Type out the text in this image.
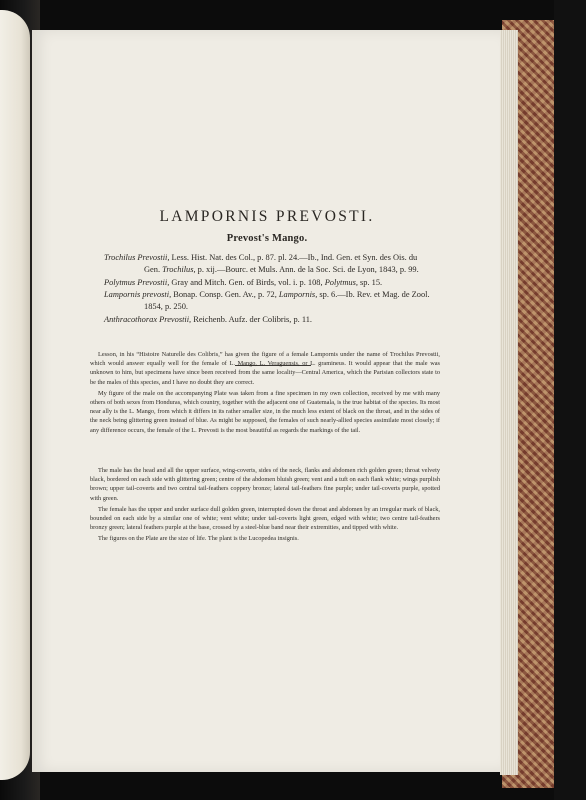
LAMPORNIS PREVOSTI.
Prevost's Mango.
Trochilus Prevostii, Less. Hist. Nat. des Col., p. 87. pl. 24.—Ib., Ind. Gen. et Syn. des Ois. du
Gen. Trochilus, p. xij.—Bourc. et Muls. Ann. de la Soc. Sci. de Lyon, 1843, p. 99.
Polytmus Prevostii, Gray and Mitch. Gen. of Birds, vol. i. p. 108, Polytmus, sp. 15.
Lampornis prevosti, Bonap. Consp. Gen. Av., p. 72, Lampornis, sp. 6.—Ib. Rev. et Mag. de Zool.
1854, p. 250.
Anthracothorax Prevostii, Reichenb. Aufz. der Colibris, p. 11.

Lesson, in his “Histoire Naturelle des Colibris,” has given the figure of a female Lampornis under the name of Trochilus Prevostii, which would answer equally well for the female of L. Mango, L. Veraguensis, or L. gramineus. It would appear that the male was unknown to him, but specimens have since been received from the same locality—Central America, which the Parisian collectors state to be the males of this species, and I have no doubt they are correct.

My figure of the male on the accompanying Plate was taken from a fine specimen in my own collection, received by me with many others of both sexes from Honduras, which country, together with the adjacent one of Guatemala, is the true habitat of the species. Its most near ally is the L. Mango, from which it differs in its rather smaller size, in the much less extent of black on the throat, and in the sides of the neck being glittering green instead of blue. As might be supposed, the females of such nearly-allied species assimilate most closely; if any difference occurs, the female of the L. Prevosti is the most beautiful as regards the markings of the tail.

The male has the head and all the upper surface, wing-coverts, sides of the neck, flanks and abdomen rich golden green; throat velvety black, bordered on each side with glittering green; centre of the abdomen bluish green; vent and a tuft on each flank white; wings purplish brown; upper tail-coverts and two central tail-feathers coppery bronze; lateral tail-feathers fine purple; under tail-coverts purple, spotted with green.

The female has the upper and under surface dull golden green, interrupted down the throat and abdomen by an irregular mark of black, bounded on each side by a similar one of white; vent white; under tail-coverts light green, edged with white; two centre tail-feathers bronzy green; lateral feathers purple at the base, crossed by a steel-blue band near their extremities, and tipped with white.

The figures on the Plate are the size of life. The plant is the Lucopedea insignis.
